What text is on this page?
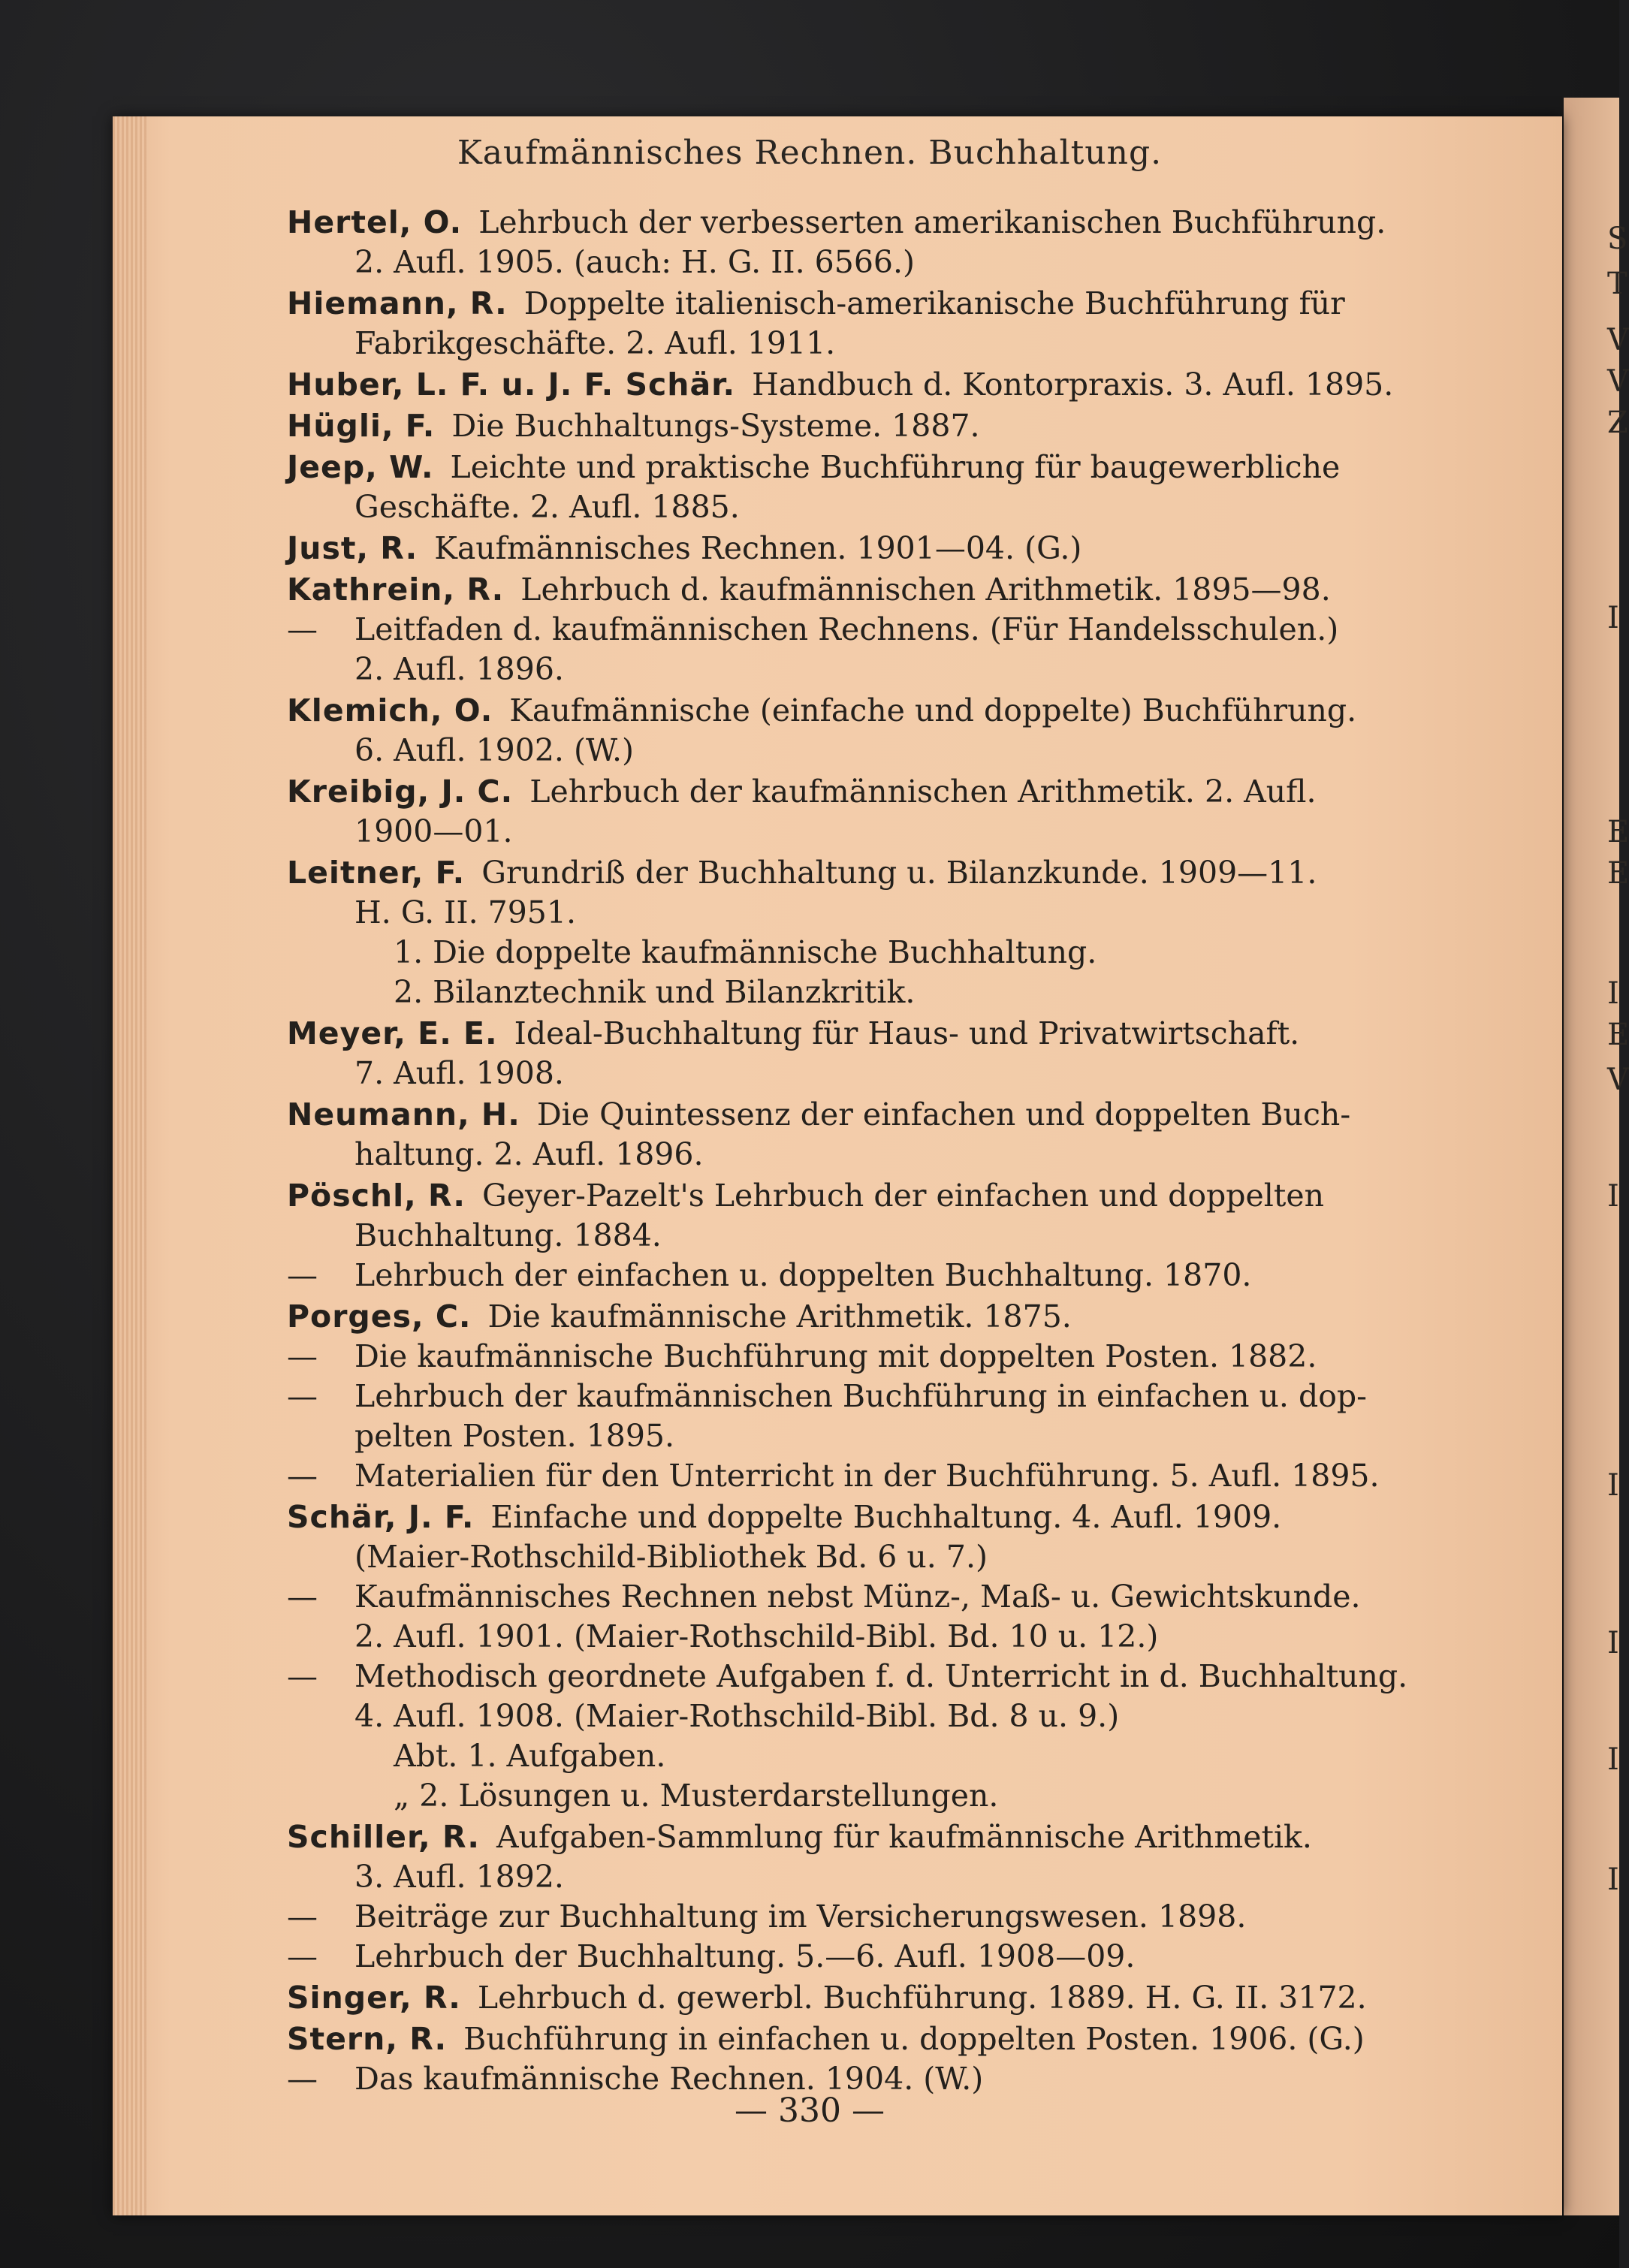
S
T
V
V
Z
I
E
E
I
E
V
I
I
I
I
I
Kaufmännisches Rechnen. Buchhaltung.
Hertel, O. Lehrbuch der verbesserten amerikanischen Buchführung.
2. Aufl. 1905. (auch: H. G. II. 6566.)
Hiemann, R. Doppelte italienisch-amerikanische Buchführung für
Fabrikgeschäfte. 2. Aufl. 1911.
Huber, L. F. u. J. F. Schär. Handbuch d. Kontorpraxis. 3. Aufl. 1895.
Hügli, F. Die Buchhaltungs-Systeme. 1887.
Jeep, W. Leichte und praktische Buchführung für baugewerbliche
Geschäfte. 2. Aufl. 1885.
Just, R. Kaufmännisches Rechnen. 1901—04. (G.)
Kathrein, R. Lehrbuch d. kaufmännischen Arithmetik. 1895—98.
— Leitfaden d. kaufmännischen Rechnens. (Für Handelsschulen.)
2. Aufl. 1896.
Klemich, O. Kaufmännische (einfache und doppelte) Buchführung.
6. Aufl. 1902. (W.)
Kreibig, J. C. Lehrbuch der kaufmännischen Arithmetik. 2. Aufl.
1900—01.
Leitner, F. Grundriß der Buchhaltung u. Bilanzkunde. 1909—11.
H. G. II. 7951.
1. Die doppelte kaufmännische Buchhaltung.
2. Bilanztechnik und Bilanzkritik.
Meyer, E. E. Ideal-Buchhaltung für Haus- und Privatwirtschaft.
7. Aufl. 1908.
Neumann, H. Die Quintessenz der einfachen und doppelten Buch-
haltung. 2. Aufl. 1896.
Pöschl, R. Geyer-Pazelt's Lehrbuch der einfachen und doppelten
Buchhaltung. 1884.
— Lehrbuch der einfachen u. doppelten Buchhaltung. 1870.
Porges, C. Die kaufmännische Arithmetik. 1875.
— Die kaufmännische Buchführung mit doppelten Posten. 1882.
— Lehrbuch der kaufmännischen Buchführung in einfachen u. dop-
pelten Posten. 1895.
— Materialien für den Unterricht in der Buchführung. 5. Aufl. 1895.
Schär, J. F. Einfache und doppelte Buchhaltung. 4. Aufl. 1909.
(Maier-Rothschild-Bibliothek Bd. 6 u. 7.)
— Kaufmännisches Rechnen nebst Münz-, Maß- u. Gewichtskunde.
2. Aufl. 1901. (Maier-Rothschild-Bibl. Bd. 10 u. 12.)
— Methodisch geordnete Aufgaben f. d. Unterricht in d. Buchhaltung.
4. Aufl. 1908. (Maier-Rothschild-Bibl. Bd. 8 u. 9.)
Abt. 1. Aufgaben.
„ 2. Lösungen u. Musterdarstellungen.
Schiller, R. Aufgaben-Sammlung für kaufmännische Arithmetik.
3. Aufl. 1892.
— Beiträge zur Buchhaltung im Versicherungswesen. 1898.
— Lehrbuch der Buchhaltung. 5.—6. Aufl. 1908—09.
Singer, R. Lehrbuch d. gewerbl. Buchführung. 1889. H. G. II. 3172.
Stern, R. Buchführung in einfachen u. doppelten Posten. 1906. (G.)
— Das kaufmännische Rechnen. 1904. (W.)
— 330 —
